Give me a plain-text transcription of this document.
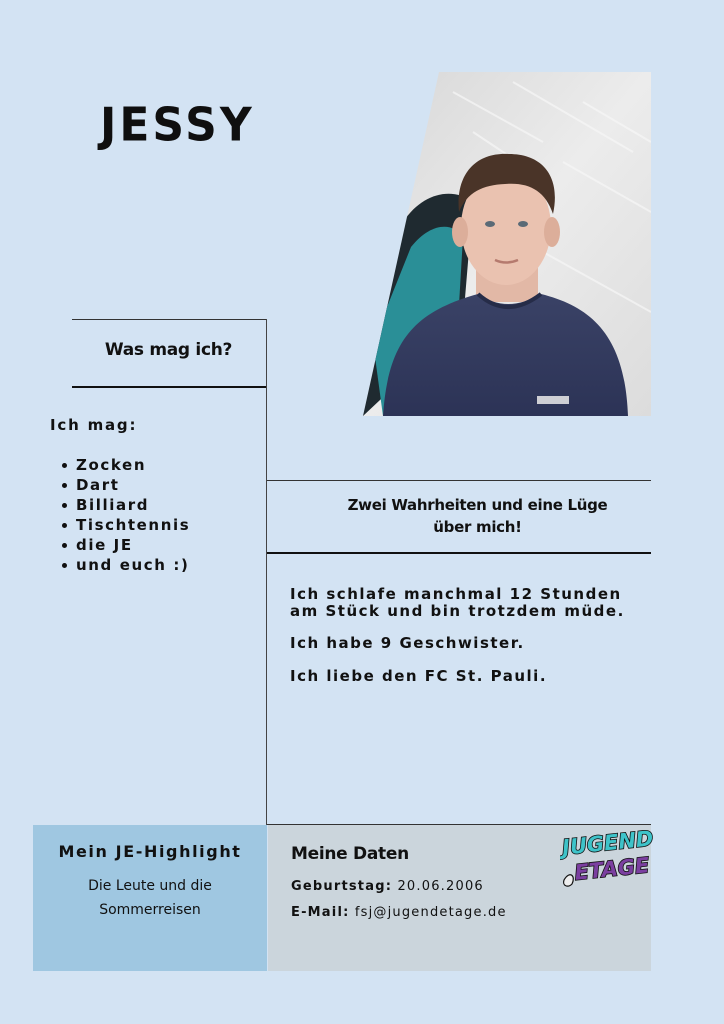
JESSY
Was mag ich?
Ich mag:
Zocken
Dart
Billiard
Tischtennis
die JE
und euch :)
Zwei Wahrheiten und eine Lüge
über mich!
Ich schlafe manchmal 12 Stunden
am Stück und bin trotzdem müde.
Ich habe 9 Geschwister.
Ich liebe den FC St. Pauli.
Mein JE-Highlight
Die Leute und die
Sommerreisen
Meine Daten
Geburtstag: 20.06.2006
E-Mail: fsj@jugendetage.de
JUGEND
ETAGE
